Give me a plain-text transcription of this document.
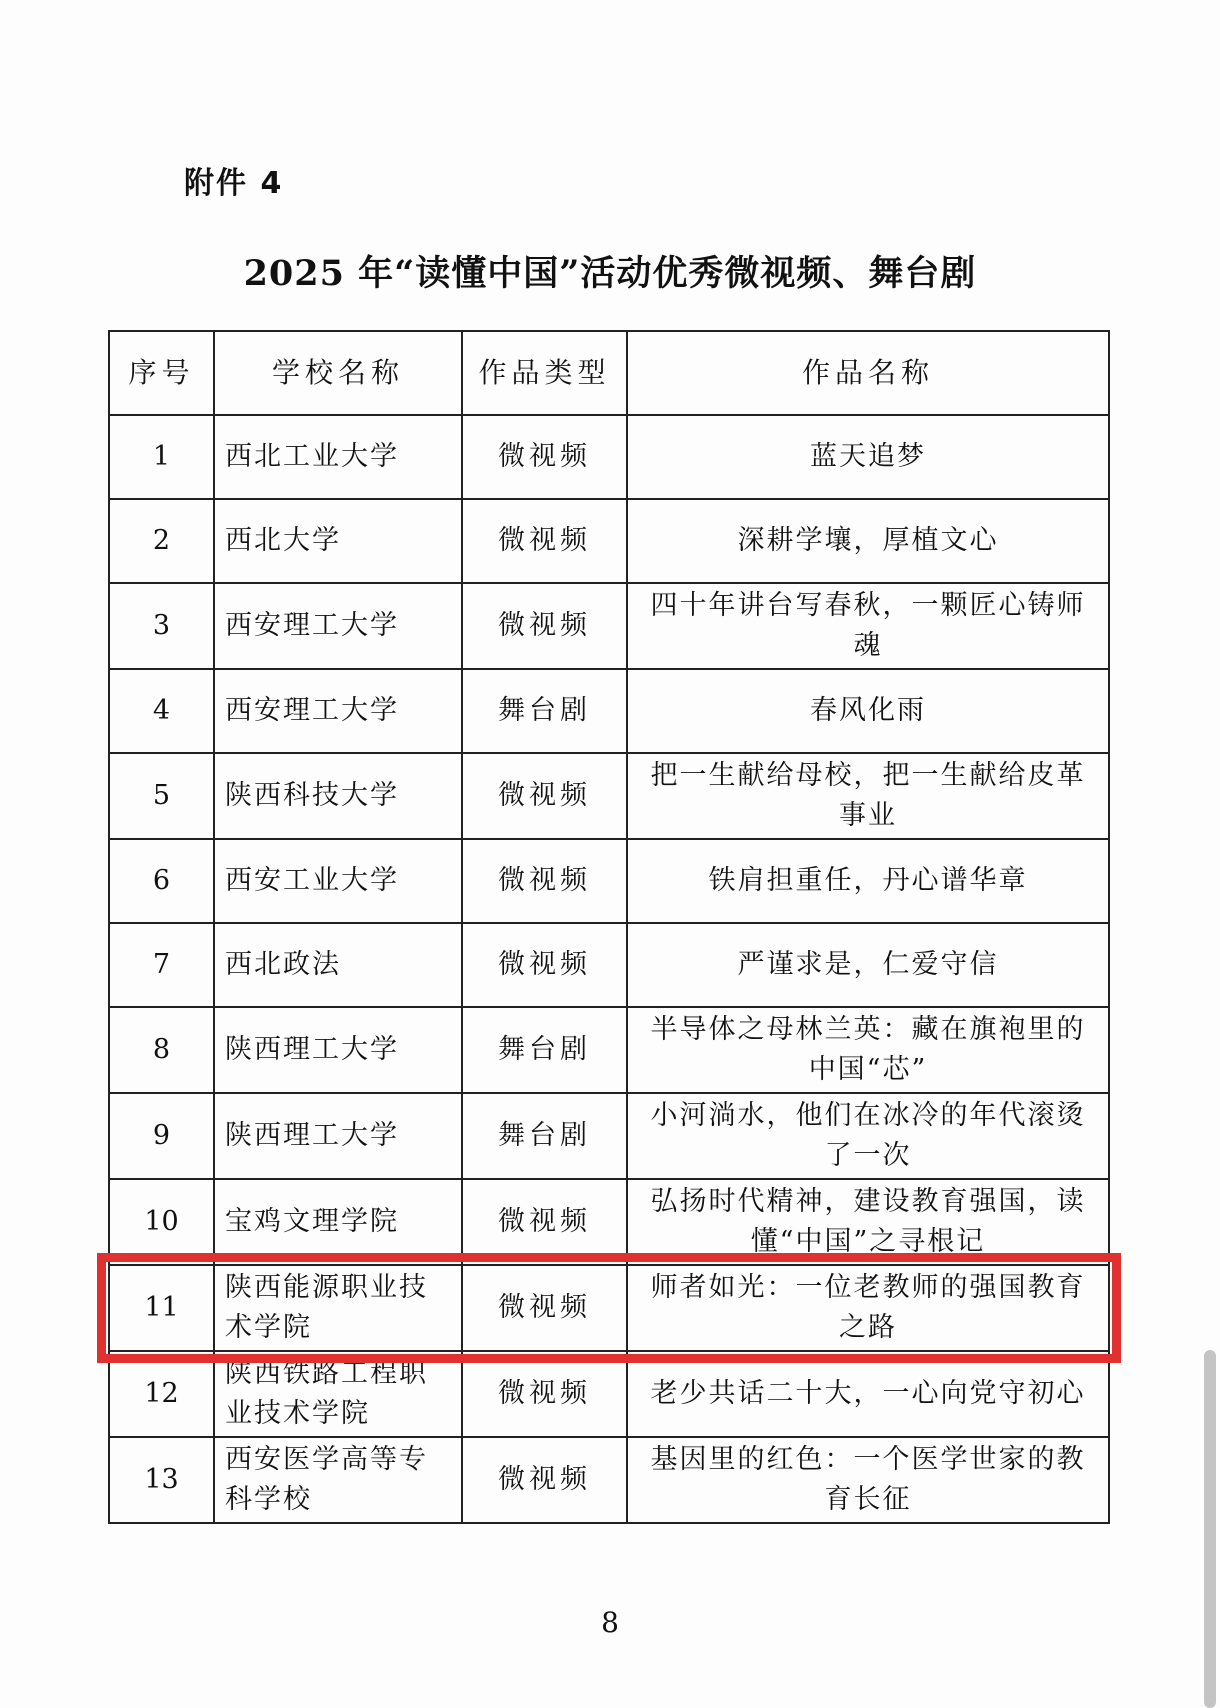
附件 4
2025 年“读懂中国”活动优秀微视频、舞台剧
序号	学校名称	作品类型	作品名称
1	西北工业大学	微视频	蓝天追梦
2	西北大学	微视频	深耕学壤，厚植文心
3	西安理工大学	微视频	四十年讲台写春秋，一颗匠心铸师魂
4	西安理工大学	舞台剧	春风化雨
5	陕西科技大学	微视频	把一生献给母校，把一生献给皮革事业
6	西安工业大学	微视频	铁肩担重任，丹心谱华章
7	西北政法	微视频	严谨求是，仁爱守信
8	陕西理工大学	舞台剧	半导体之母林兰英：藏在旗袍里的中国“芯”
9	陕西理工大学	舞台剧	小河淌水，他们在冰冷的年代滚烫了一次
10	宝鸡文理学院	微视频	弘扬时代精神，建设教育强国，读懂“中国”之寻根记
11	陕西能源职业技术学院	微视频	师者如光：一位老教师的强国教育之路
12	陕西铁路工程职业技术学院	微视频	老少共话二十大，一心向党守初心
13	西安医学高等专科学校	微视频	基因里的红色：一个医学世家的教育长征
8
